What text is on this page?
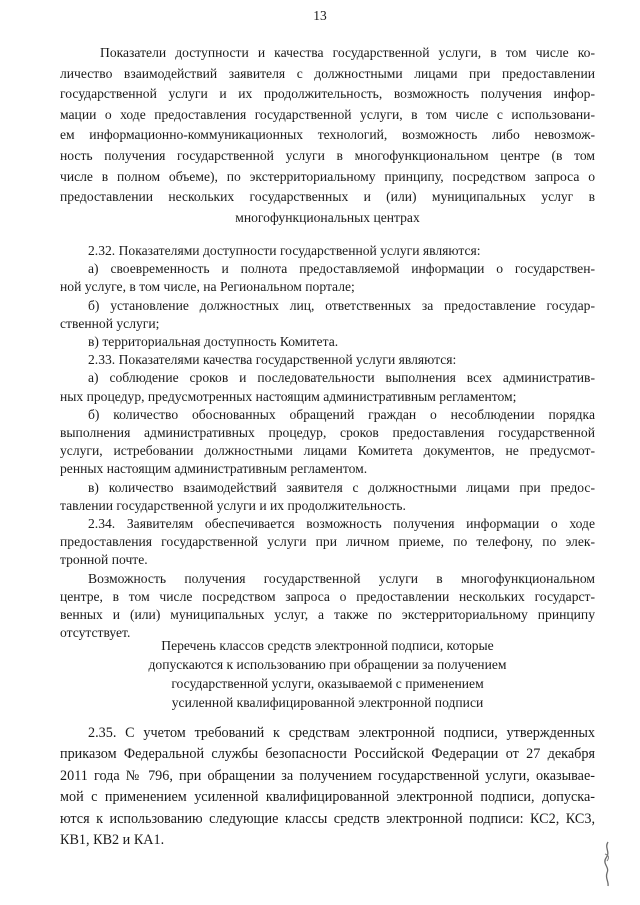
13
Показатели доступности и качества государственной услуги, в том числе ко-
личество взаимодействий заявителя с должностными лицами при предоставлении
государственной услуги и их продолжительность, возможность получения инфор-
мации о ходе предоставления государственной услуги, в том числе с использовани-
ем информационно-коммуникационных технологий, возможность либо невозмож-
ность получения государственной услуги в многофункциональном центре (в том
числе в полном объеме), по экстерриториальному принципу, посредством запроса о
предоставлении нескольких государственных и (или) муниципальных услуг в
многофункциональных центрах
2.32. Показателями доступности государственной услуги являются:
а) своевременность и полнота предоставляемой информации о государствен-
ной услуге, в том числе, на Региональном портале;
б) установление должностных лиц, ответственных за предоставление государ-
ственной услуги;
в) территориальная доступность Комитета.
2.33. Показателями качества государственной услуги являются:
а) соблюдение сроков и последовательности выполнения всех административ-
ных процедур, предусмотренных настоящим административным регламентом;
б) количество обоснованных обращений граждан о несоблюдении порядка
выполнения административных процедур, сроков предоставления государственной
услуги, истребовании должностными лицами Комитета документов, не предусмот-
ренных настоящим административным регламентом.
в) количество взаимодействий заявителя с должностными лицами при предос-
тавлении государственной услуги и их продолжительность.
2.34. Заявителям обеспечивается возможность получения информации о ходе
предоставления государственной услуги при личном приеме, по телефону, по элек-
тронной почте.
Возможность получения государственной услуги в многофункциональном
центре, в том числе посредством запроса о предоставлении нескольких государст-
венных и (или) муниципальных услуг, а также по экстерриториальному принципу
отсутствует.
Перечень классов средств электронной подписи, которые
допускаются к использованию при обращении за получением
государственной услуги, оказываемой с применением
усиленной квалифицированной электронной подписи
2.35. С учетом требований к средствам электронной подписи, утвержденных
приказом Федеральной службы безопасности Российской Федерации от 27 декабря
2011 года № 796, при обращении за получением государственной услуги, оказывае-
мой с применением усиленной квалифицированной электронной подписи, допуска-
ются к использованию следующие классы средств электронной подписи: КС2, КС3,
КВ1, КВ2 и КА1.
